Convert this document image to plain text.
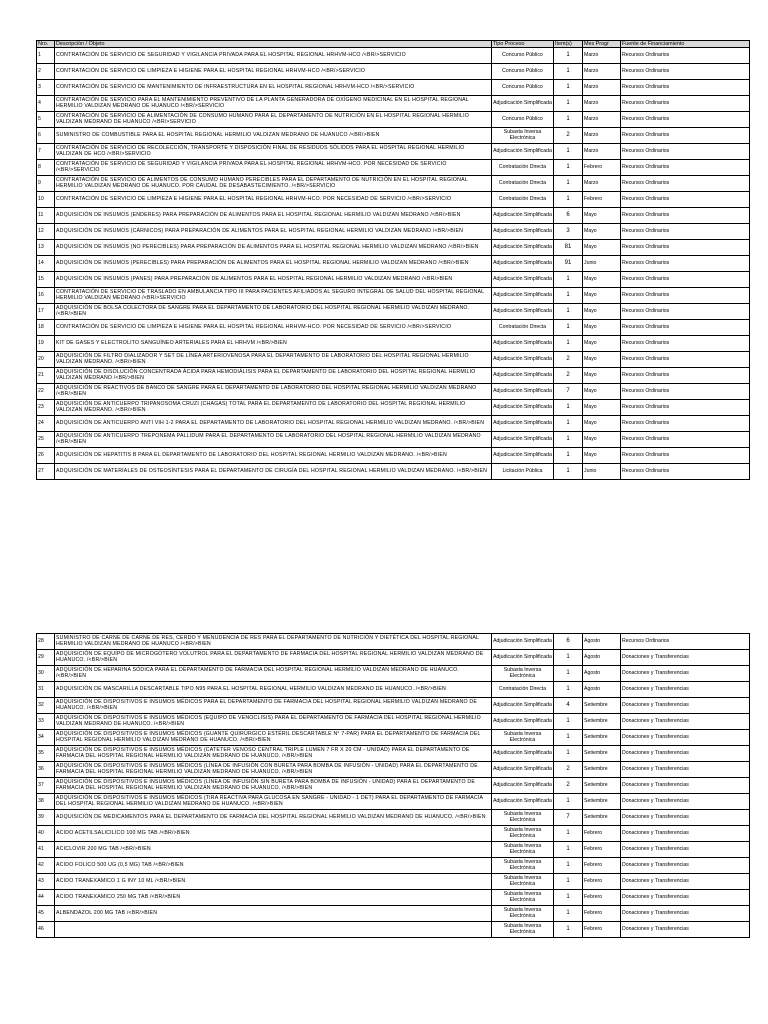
Nro.	Descripción / Objeto	Tipo Proceso	Ítem(s)	Mes Progr	Fuente de Financiamiento
1	CONTRATACIÓN DE SERVICIO DE SEGURIDAD Y VIGILANCIA PRIVADA PARA EL HOSPITAL REGIONAL HRHVM-HCO /<BR/>SERVICIO	Concurso Público	1	Marzo	Recursos Ordinarios
2	CONTRATACIÓN DE SERVICIO DE LIMPIEZA E HIGIENE PARA EL HOSPITAL REGIONAL HRHVM-HCO /<BR/>SERVICIO	Concurso Público	1	Marzo	Recursos Ordinarios
3	CONTRATACIÓN DE SERVICIO DE MANTENIMIENTO DE INFRAESTRUCTURA EN EL HOSPITAL REGIONAL HRHVM-HCO /<BR/>SERVICIO	Concurso Público	1	Marzo	Recursos Ordinarios
4	CONTRATACIÓN DE SERVICIO PARA EL MANTENIMIENTO PREVENTIVO DE LA PLANTA GENERADORA DE OXÍGENO MEDICINAL EN EL HOSPITAL REGIONAL HERMILIO VALDIZAN MEDRANO DE HUANUCO /<BR/>SERVICIO	Adjudicación Simplificada	1	Marzo	Recursos Ordinarios
5	CONTRATACIÓN DE SERVICIO DE ALIMENTACIÓN DE CONSUMO HUMANO PARA EL DEPARTAMENTO DE NUTRICIÓN EN EL HOSPITAL REGIONAL HERMILIO VALDIZAN MEDRANO DE HUANUCO /<BR/>SERVICIO	Concurso Público	1	Marzo	Recursos Ordinarios
6	SUMINISTRO DE COMBUSTIBLE PARA EL HOSPITAL REGIONAL HERMILIO VALDIZAN MEDRANO DE HUANUCO /<BR/>BIEN	Subasta Inversa Electrónica	2	Marzo	Recursos Ordinarios
7	CONTRATACIÓN DE SERVICIO DE RECOLECCIÓN, TRANSPORTE Y DISPOSICIÓN FINAL DE RESIDUOS SÓLIDOS PARA EL HOSPITAL REGIONAL HERMILIO VALDIZAN DE HCO /<BR/>SERVICIO	Adjudicación Simplificada	1	Marzo	Recursos Ordinarios
8	CONTRATACIÓN DE SERVICIO DE SEGURIDAD Y VIGILANCIA PRIVADA PARA EL HOSPITAL REGIONAL HRHVM-HCO. POR NECESIDAD DE SERVICIO /<BR/>SERVICIO	Contratación Directa	1	Febrero	Recursos Ordinarios
9	CONTRATACIÓN DE SERVICIO DE ALIMENTOS DE CONSUMO HUMANO PERECIBLES PARA EL DEPARTAMENTO DE NUTRICIÓN EN EL HOSPITAL REGIONAL HERMILIO VALDIZAN MEDRANO DE HUANUCO. POR CAUDAL DE DESABASTECIMIENTO. /<BR/>SERVICIO	Contratación Directa	1	Marzo	Recursos Ordinarios
10	CONTRATACIÓN DE SERVICIO DE LIMPIEZA E HIGIENE PARA EL HOSPITAL REGIONAL HRHVM-HCO. POR NECESIDAD DE SERVICIO /<BR/>SERVICIO	Contratación Directa	1	Febrero	Recursos Ordinarios
11	ADQUISICIÓN DE INSUMOS (ENDERES) PARA PREPARACIÓN DE ALIMENTOS PARA EL HOSPITAL REGIONAL HERMILIO VALDIZAN MEDRANO /<BR/>BIEN	Adjudicación Simplificada	6	Mayo	Recursos Ordinarios
12	ADQUISICIÓN DE INSUMOS (CÁRNICOS) PARA PREPARACIÓN DE ALIMENTOS PARA EL HOSPITAL REGIONAL HERMILIO VALDIZAN MEDRANO /<BR/>BIEN	Adjudicación Simplificada	3	Mayo	Recursos Ordinarios
13	ADQUISICIÓN DE INSUMOS (NO PERECIBLES) PARA PREPARACIÓN DE ALIMENTOS PARA EL HOSPITAL REGIONAL HERMILIO VALDIZAN MEDRANO /<BR/>BIEN	Adjudicación Simplificada	81	Mayo	Recursos Ordinarios
14	ADQUISICIÓN DE INSUMOS (PERECIBLES) PARA PREPARACIÓN DE ALIMENTOS PARA EL HOSPITAL REGIONAL HERMILIO VALDIZAN MEDRANO /<BR/>BIEN	Adjudicación Simplificada	91	Junio	Recursos Ordinarios
15	ADQUISICIÓN DE INSUMOS (PANES) PARA PREPARACIÓN DE ALIMENTOS PARA EL HOSPITAL REGIONAL HERMILIO VALDIZAN MEDRANO /<BR/>BIEN	Adjudicación Simplificada	1	Mayo	Recursos Ordinarios
16	CONTRATACIÓN DE SERVICIO DE TRASLADO EN AMBULANCIA TIPO III PARA PACIENTES AFILIADOS AL SEGURO INTEGRAL DE SALUD DEL HOSPITAL REGIONAL HERMILIO VALDIZAN MEDRANO /<BR/>SERVICIO	Adjudicación Simplificada	1	Mayo	Recursos Ordinarios
17	ADQUISICIÓN DE BOLSA COLECTORA DE SANGRE PARA EL DEPARTAMENTO DE LABORATORIO DEL HOSPITAL REGIONAL HERMILIO VALDIZAN MEDRANO. /<BR/>BIEN	Adjudicación Simplificada	1	Mayo	Recursos Ordinarios
18	CONTRATACIÓN DE SERVICIO DE LIMPIEZA E HIGIENE PARA EL HOSPITAL REGIONAL HRHVM-HCO. POR NECESIDAD DE SERVICIO /<BR/>SERVICIO	Contratación Directa	1	Mayo	Recursos Ordinarios
19	KIT DE GASES Y ELECTROLITO SANGUÍNEO ARTERIALES PARA EL HRHVM /<BR/>BIEN	Adjudicación Simplificada	1	Mayo	Recursos Ordinarios
20	ADQUISICIÓN DE FILTRO DIALIZADOR Y SET DE LÍNEA ARTERIOVENOSA PARA EL DEPARTAMENTO DE LABORATORIO DEL HOSPITAL REGIONAL HERMILIO VALDIZAN MEDRANO. /<BR/>BIEN	Adjudicación Simplificada	2	Mayo	Recursos Ordinarios
21	ADQUISICIÓN DE DISOLUCIÓN CONCENTRADA ÁCIDA PARA HEMODIÁLISIS PARA EL DEPARTAMENTO DE LABORATORIO DEL HOSPITAL REGIONAL HERMILIO VALDIZAN MEDRANO /<BR/>BIEN	Adjudicación Simplificada	2	Mayo	Recursos Ordinarios
22	ADQUISICIÓN DE REACTIVOS DE BANCO DE SANGRE PARA EL DEPARTAMENTO DE LABORATORIO DEL HOSPITAL REGIONAL HERMILIO VALDIZAN MEDRANO /<BR/>BIEN	Adjudicación Simplificada	7	Mayo	Recursos Ordinarios
23	ADQUISICIÓN DE ANTICUERPO TRIPANOSOMA CRUZI (CHAGAS) TOTAL PARA EL DEPARTAMENTO DE LABORATORIO DEL HOSPITAL REGIONAL HERMILIO VALDIZAN MEDRANO. /<BR/>BIEN	Adjudicación Simplificada	1	Mayo	Recursos Ordinarios
24	ADQUISICIÓN DE ANTICUERPO ANTI VIH 1-2 PARA EL DEPARTAMENTO DE LABORATORIO DEL HOSPITAL REGIONAL HERMILIO VALDIZAN MEDRANO. /<BR/>BIEN	Adjudicación Simplificada	1	Mayo	Recursos Ordinarios
25	ADQUISICIÓN DE ANTICUERPO TREPONEMA PALLIDUM PARA EL DEPARTAMENTO DE LABORATORIO DEL HOSPITAL REGIONAL HERMILIO VALDIZAN MEDRANO /<BR/>BIEN	Adjudicación Simplificada	1	Mayo	Recursos Ordinarios
26	ADQUISICIÓN DE HEPATITIS B PARA EL DEPARTAMENTO DE LABORATORIO DEL HOSPITAL REGIONAL HERMILIO VALDIZAN MEDRANO. /<BR/>BIEN	Adjudicación Simplificada	1	Mayo	Recursos Ordinarios
27	ADQUISICIÓN DE MATERIALES DE OSTEOSÍNTESIS PARA EL DEPARTAMENTO DE CIRUGÍA DEL HOSPITAL REGIONAL HERMILIO VALDIZAN MEDRANO. /<BR/>BIEN	Licitación Pública	1	Junio	Recursos Ordinarios
28	SUMINISTRO DE CARNE DE CARNE DE RES, CERDO Y MENUDENCIA DE RES PARA EL DEPARTAMENTO DE NUTRICIÓN Y DIETÉTICA DEL HOSPITAL REGIONAL HERMILIO VALDIZAN MEDRANO DE HUANUCO /<BR/>BIEN	Adjudicación Simplificada	6	Agosto	Recursos Ordinarios
29	ADQUISICIÓN DE EQUIPO DE MICROGOTERO VOLUTROL PARA EL DEPARTAMENTO DE FARMACIA DEL HOSPITAL REGIONAL HERMILIO VALDIZAN MEDRANO DE HUANUCO. /<BR/>BIEN	Adjudicación Simplificada	1	Agosto	Donaciones y Transferencias
30	ADQUISICIÓN DE HEPARINA SÓDICA PARA EL DEPARTAMENTO DE FARMACIA DEL HOSPITAL REGIONAL HERMILIO VALDIZAN MEDRANO DE HUANUCO. /<BR/>BIEN	Subasta Inversa Electrónica	1	Agosto	Donaciones y Transferencias
31	ADQUISICIÓN DE MASCARILLA DESCARTABLE TIPO N95 PARA EL HOSPITAL REGIONAL HERMILIO VALDIZAN MEDRANO DE HUANUCO. /<BR/>BIEN	Contratación Directa	1	Agosto	Donaciones y Transferencias
32	ADQUISICIÓN DE DISPOSITIVOS E INSUMOS MÉDICOS PARA EL DEPARTAMENTO DE FARMACIA DEL HOSPITAL REGIONAL HERMILIO VALDIZAN MEDRANO DE HUANUCO. /<BR/>BIEN	Adjudicación Simplificada	4	Setiembre	Donaciones y Transferencias
33	ADQUISICIÓN DE DISPOSITIVOS E INSUMOS MÉDICOS (EQUIPO DE VENOCLISIS) PARA EL DEPARTAMENTO DE FARMACIA DEL HOSPITAL REGIONAL HERMILIO VALDIZAN MEDRANO DE HUANUCO. /<BR/>BIEN	Adjudicación Simplificada	1	Setiembre	Donaciones y Transferencias
34	ADQUISICIÓN DE DISPOSITIVOS E INSUMOS MÉDICOS (GUANTE QUIRÚRGICO ESTÉRIL DESCARTABLE N° 7-PAR) PARA EL DEPARTAMENTO DE FARMACIA DEL HOSPITAL REGIONAL HERMILIO VALDIZAN MEDRANO DE HUANUCO. /<BR/>BIEN	Subasta Inversa Electrónica	1	Setiembre	Donaciones y Transferencias
35	ADQUISICIÓN DE DISPOSITIVOS E INSUMOS MÉDICOS (CATETER VENOSO CENTRAL TRIPLE LUMEN 7 FR X 20 CM - UNIDAD) PARA EL DEPARTAMENTO DE FARMACIA DEL HOSPITAL REGIONAL HERMILIO VALDIZAN MEDRANO DE HUANUCO. /<BR/>BIEN	Adjudicación Simplificada	1	Setiembre	Donaciones y Transferencias
36	ADQUISICIÓN DE DISPOSITIVOS E INSUMOS MÉDICOS (LÍNEA DE INFUSIÓN CON BURETA PARA BOMBA DE INFUSIÓN - UNIDAD) PARA EL DEPARTAMENTO DE FARMACIA DEL HOSPITAL REGIONAL HERMILIO VALDIZAN MEDRANO DE HUANUCO. /<BR/>BIEN	Adjudicación Simplificada	2	Setiembre	Donaciones y Transferencias
37	ADQUISICIÓN DE DISPOSITIVOS E INSUMOS MÉDICOS (LÍNEA DE INFUSIÓN SIN BURETA PARA BOMBA DE INFUSIÓN - UNIDAD) PARA EL DEPARTAMENTO DE FARMACIA DEL HOSPITAL REGIONAL HERMILIO VALDIZAN MEDRANO DE HUANUCO. /<BR/>BIEN	Adjudicación Simplificada	2	Setiembre	Donaciones y Transferencias
38	ADQUISICIÓN DE DISPOSITIVOS E INSUMOS MÉDICOS (TIRA REACTIVA PARA GLUCOSA EN SANGRE - UNIDAD - 1 DET) PARA EL DEPARTAMENTO DE FARMACIA DEL HOSPITAL REGIONAL HERMILIO VALDIZAN MEDRANO DE HUANUCO. /<BR/>BIEN	Adjudicación Simplificada	1	Setiembre	Donaciones y Transferencias
39	ADQUISICIÓN DE MEDICAMENTOS PARA EL DEPARTAMENTO DE FARMACIA DEL HOSPITAL REGIONAL HERMILIO VALDIZAN MEDRANO DE HUANUCO. /<BR/>BIEN	Subasta Inversa Electrónica	7	Setiembre	Donaciones y Transferencias
40	ACIDO ACETILSALICILICO 100 MG TAB /<BR/>BIEN	Subasta Inversa Electrónica	1	Febrero	Donaciones y Transferencias
41	ACICLOVIR 200 MG TAB /<BR/>BIEN	Subasta Inversa Electrónica	1	Febrero	Donaciones y Transferencias
42	ACIDO FOLICO 500 UG (0,5 MG) TAB /<BR/>BIEN	Subasta Inversa Electrónica	1	Febrero	Donaciones y Transferencias
43	ACIDO TRANEXAMICO 1 G INY 10 ML /<BR/>BIEN	Subasta Inversa Electrónica	1	Febrero	Donaciones y Transferencias
44	ACIDO TRANEXAMICO 250 MG TAB /<BR/>BIEN	Subasta Inversa Electrónica	1	Febrero	Donaciones y Transferencias
45	ALBENDAZOL 200 MG TAB /<BR/>BIEN	Subasta Inversa Electrónica	1	Febrero	Donaciones y Transferencias
46		Subasta Inversa Electrónica	1	Febrero	Donaciones y Transferencias
